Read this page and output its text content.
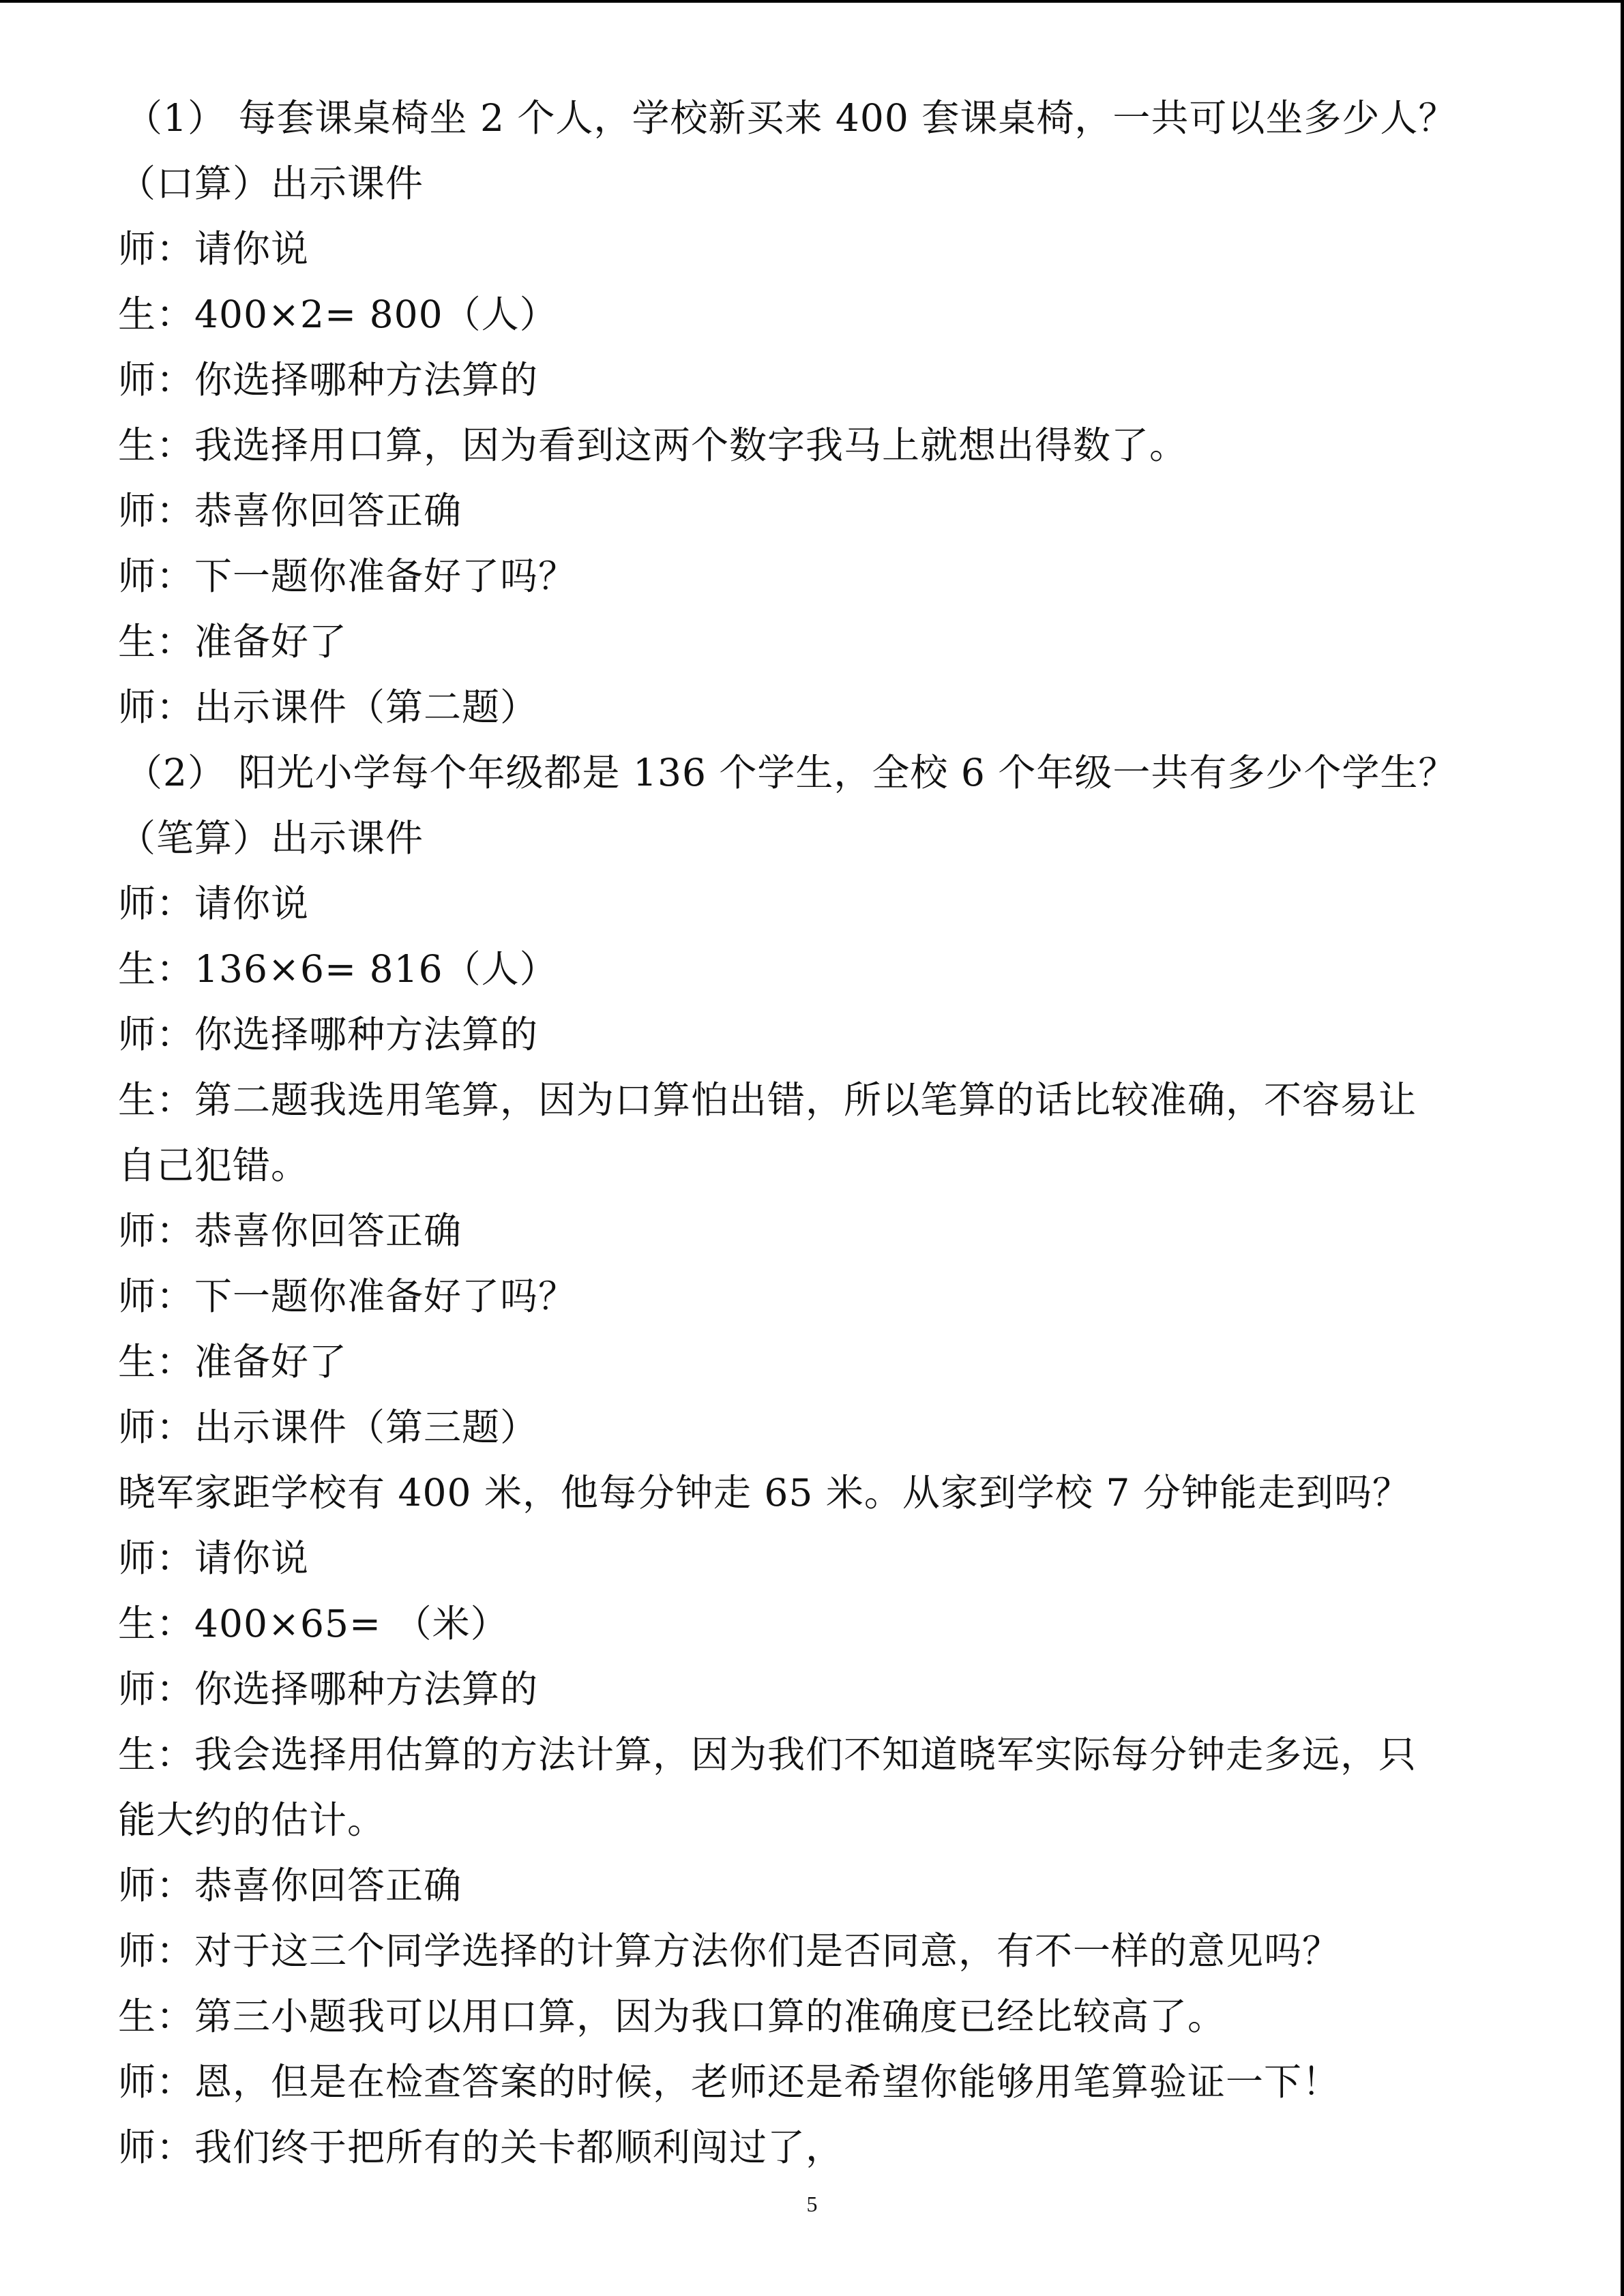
（1） 每套课桌椅坐 2 个人，学校新买来 400 套课桌椅，一共可以坐多少人？
（口算）出示课件
师：请你说
生：400×2= 800（人）
师：你选择哪种方法算的
生：我选择用口算，因为看到这两个数字我马上就想出得数了。
师：恭喜你回答正确
师：下一题你准备好了吗？
生：准备好了
师：出示课件（第二题）
（2） 阳光小学每个年级都是 136 个学生，全校 6 个年级一共有多少个学生？
（笔算）出示课件
师：请你说
生：136×6= 816（人）
师：你选择哪种方法算的
生：第二题我选用笔算，因为口算怕出错，所以笔算的话比较准确，不容易让
自己犯错。
师：恭喜你回答正确
师：下一题你准备好了吗？
生：准备好了
师：出示课件（第三题）
晓军家距学校有 400 米，他每分钟走 65 米。从家到学校 7 分钟能走到吗？
师：请你说
生：400×65= （米）
师：你选择哪种方法算的
生：我会选择用估算的方法计算，因为我们不知道晓军实际每分钟走多远，只
能大约的估计。
师：恭喜你回答正确
师：对于这三个同学选择的计算方法你们是否同意，有不一样的意见吗？
生：第三小题我可以用口算，因为我口算的准确度已经比较高了。
师：恩，但是在检查答案的时候，老师还是希望你能够用笔算验证一下！
师：我们终于把所有的关卡都顺利闯过了，
5
